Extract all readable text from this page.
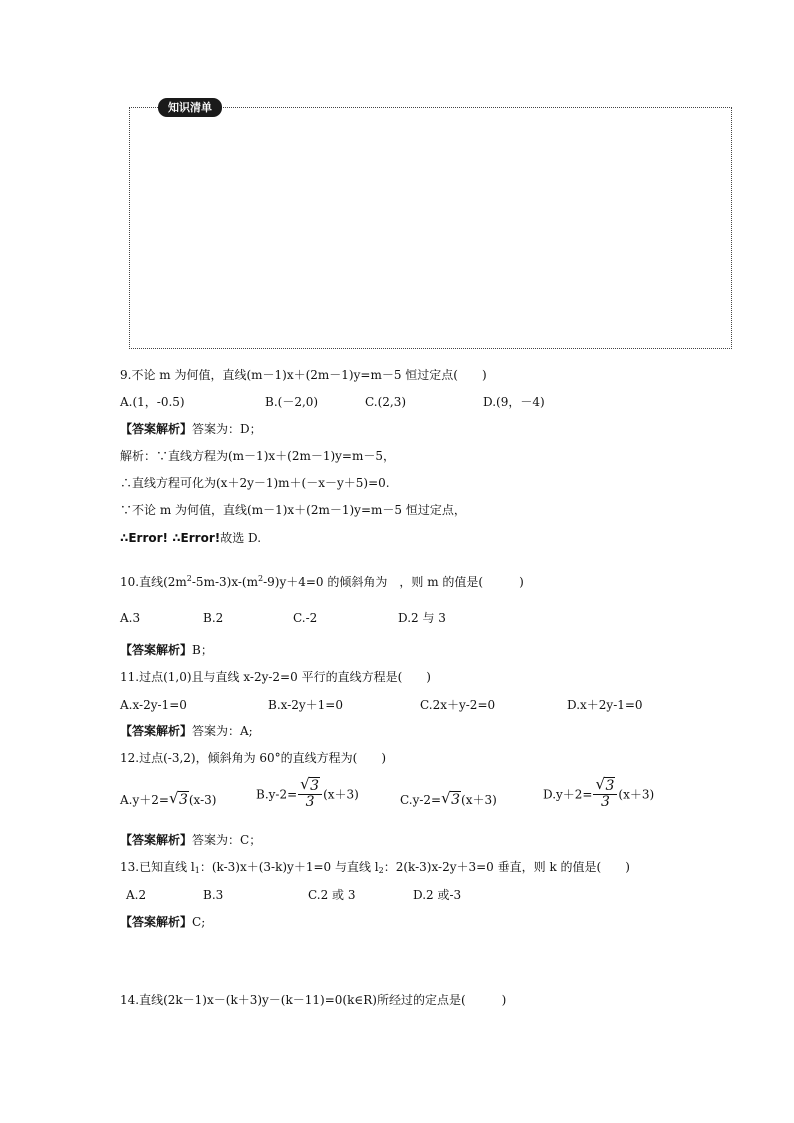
知识清单
9.不论 m 为何值，直线(m－1)x＋(2m－1)y=m－5 恒过定点(　　)
A.(1，-0.5)	B.(－2,0)	C.(2,3)	D.(9，－4)
【答案解析】答案为：D；
解析：∵直线方程为(m－1)x＋(2m－1)y=m－5，
∴直线方程可化为(x＋2y－1)m＋(－x－y＋5)=0.
∵不论 m 为何值，直线(m－1)x＋(2m－1)y=m－5 恒过定点，
∴Error! ∴Error!故选 D.
10.直线$(2m^2-5m-3)x-(m^2-9)y+4=0$ 的倾斜角为　，则 m 的值是(　　　)
A.3	B.2	C.-2	D.2 与 3
【答案解析】B；
11.过点(1,0)且与直线 x-2y-2=0 平行的直线方程是(　　)
A.x-2y-1=0	B.x-2y＋1=0	C.2x＋y-2=0	D.x＋2y-1=0
【答案解析】答案为：A;
12.过点(-3,2)，倾斜角为 60°的直线方程为(　　)
A.y＋2= √ 3(x-3)	$B.y-2= \frac{√ 3}{3} (x+3)$	C.y-2= √ 3(x＋3)	$D.y+2= \frac{√ 3}{3} (x+3)$
【答案解析】答案为：C；
13.已知直线 $l_1$：(k-3)x＋(3-k)y＋1=0 与直线 $l_2$：2(k-3)x-2y＋3=0 垂直，则 k 的值是(　　)
A.2	B.3	C.2 或 3	D.2 或-3
【答案解析】C;
14.直线(2k－1)x－(k＋3)y－(k－11)=0(k∈R)所经过的定点是(　　　)
